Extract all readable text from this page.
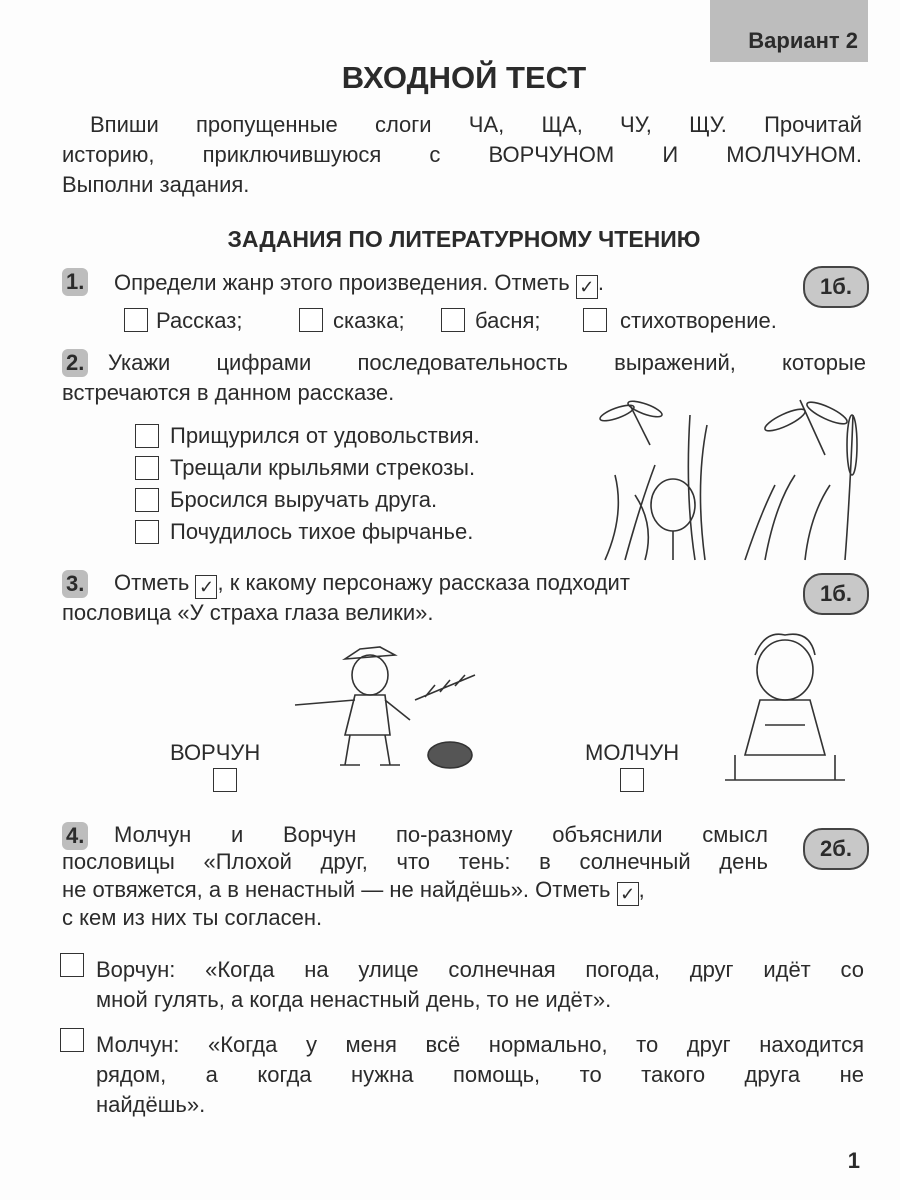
Вариант 2
ВХОДНОЙ ТЕСТ
Впиши пропущенные слоги ЧА, ЩА, ЧУ, ЩУ. Прочитай
историю, приключившуюся с ВОРЧУНОМ И МОЛЧУНОМ.
Выполни задания.
ЗАДАНИЯ ПО ЛИТЕРАТУРНОМУ ЧТЕНИЮ
1. Определи жанр этого произведения. Отметь ✓ .	1б.
Рассказ;	сказка;	басня;	стихотворение.
2. Укажи цифрами последовательность выражений, которые
встречаются в данном рассказе.
Прищурился от удовольствия.
Трещали крыльями стрекозы.
Бросился выручать друга.
Почудилось тихое фырчанье.
3. Отметь ✓ , к какому персонажу рассказа подходит
пословица «У страха глаза велики».
1б.
ВОРЧУН	МОЛЧУН
4. Молчун и Ворчун по-разному объяснили смысл
пословицы «Плохой друг, что тень: в солнечный день
не отвяжется, а в ненастный — не найдёшь». Отметь ✓ ,
с кем из них ты согласен.
2б.
Ворчун: «Когда на улице солнечная погода, друг идёт со
мной гулять, а когда ненастный день, то не идёт».
Молчун: «Когда у меня всё нормально, то друг находится
рядом, а когда нужна помощь, то такого друга не
найдёшь».
1
